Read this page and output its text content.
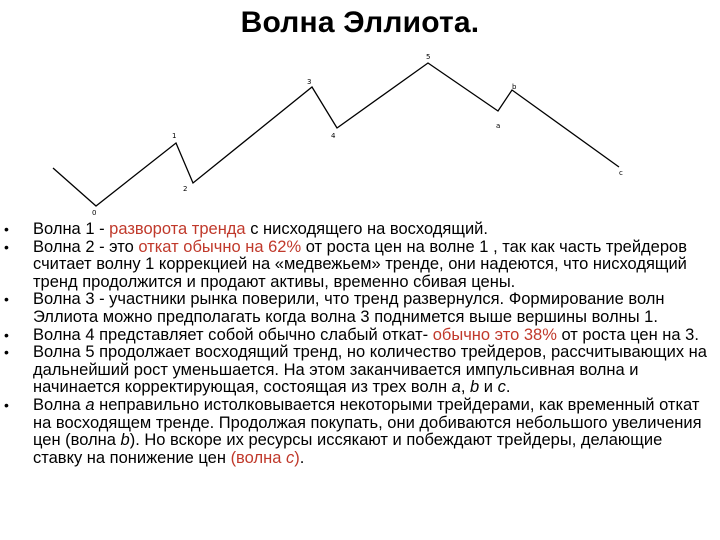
Волна Эллиота.
0
1
2
3
4
5
a
b
c
• Волна 1 - разворота тренда с нисходящего на восходящий.
• Волна 2 - это откат обычно на 62% от роста цен на волне 1 , так как часть трейдеров считает волну 1 коррекцией на «медвежьем» тренде, они надеются, что нисходящий тренд продолжится и продают активы, временно сбивая цены.
• Волна 3 - участники рынка поверили, что тренд развернулся. Формирование волн Эллиота можно предполагать когда волна 3 поднимется выше вершины волны 1.
• Волна 4 представляет собой обычно слабый откат- обычно это 38% от роста цен на 3.
• Волна 5 продолжает восходящий тренд, но количество трейдеров, рассчитывающих на дальнейший рост уменьшается. На этом заканчивается импульсивная волна и начинается корректирующая, состоящая из трех волн a, b и c.
• Волна а неправильно истолковывается некоторыми трейдерами, как временный откат на восходящем тренде. Продолжая покупать, они добиваются небольшого увеличения цен (волна b). Но вскоре их ресурсы иссякают и побеждают трейдеры, делающие ставку на понижение цен (волна c).
